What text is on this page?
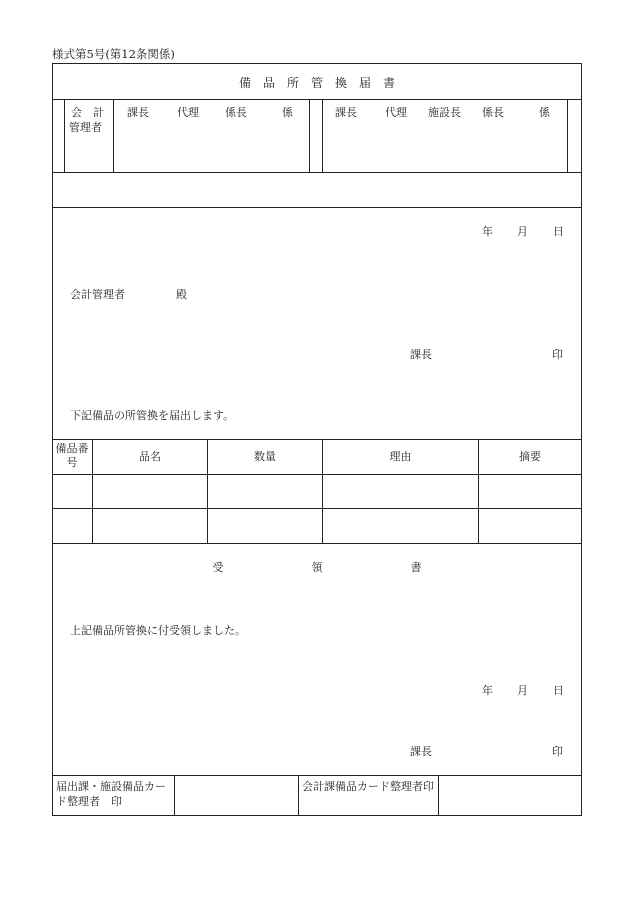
様式第5号(第12条関係)
備　品　所　管　換　届　書
会　計
管理者
課長	代理 係長	係	課長	代理 施設長 係長	係
年 月 日
会計管理者	殿
課長	印
下記備品の所管換を届出します。
備品番号	品名	数量	理由	摘要
受　　　　　　　　領　　　　　　　　書
上記備品所管換に付受領しました。
年 月 日
課長	印
届出課・施設備品カード整理者　印
会計課備品カード整理者印
